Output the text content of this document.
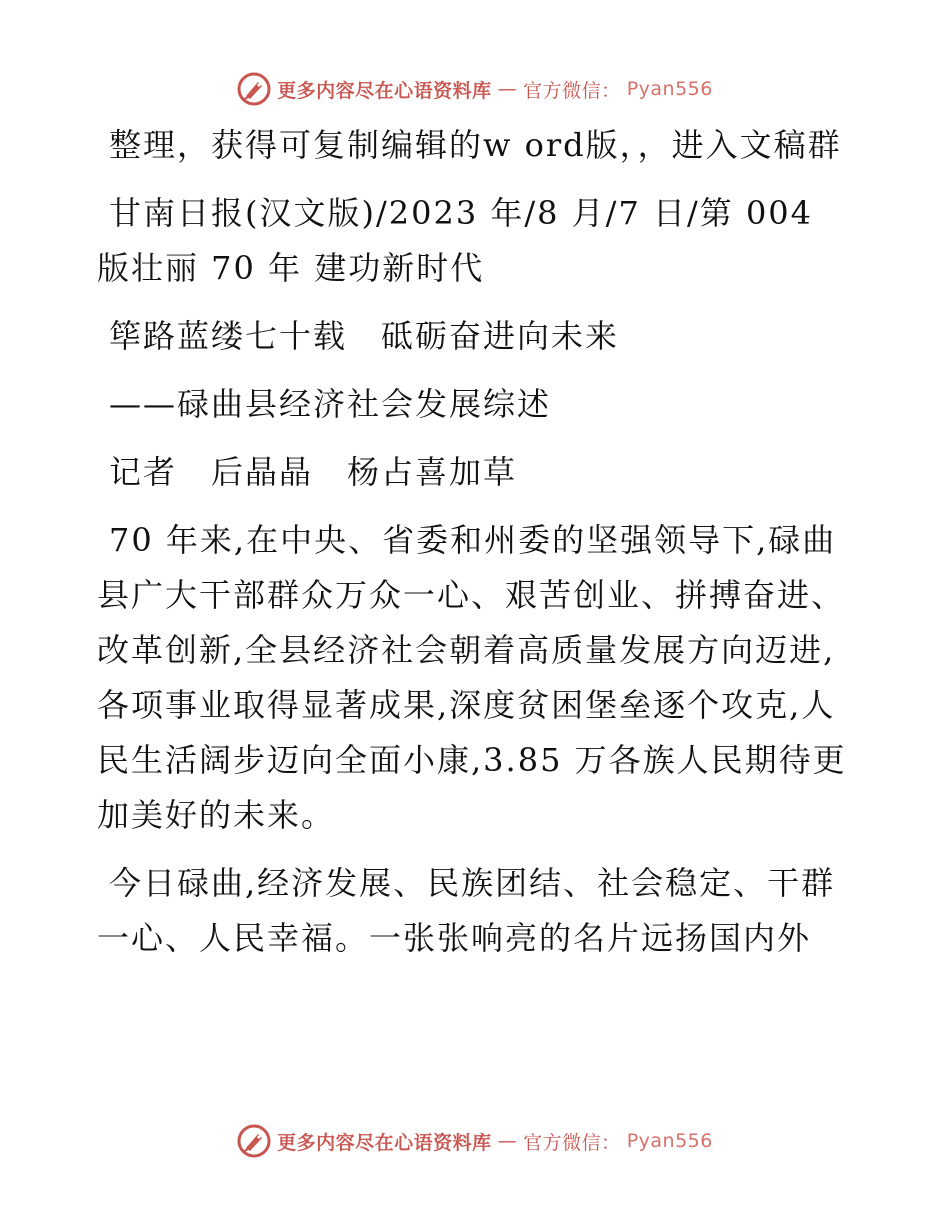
更多内容尽在心语资料库 — 官方微信： Pyan556

整理，获得可复制编辑的w ord版，，进入文稿群

甘南日报(汉文版)/2023 年/8 月/7 日/第 004 版壮丽 70 年 建功新时代

筚路蓝缕七十载　砥砺奋进向未来

——碌曲县经济社会发展综述

记者　后晶晶　杨占喜加草

70 年来,在中央、省委和州委的坚强领导下,碌曲县广大干部群众万众一心、艰苦创业、拼搏奋进、改革创新,全县经济社会朝着高质量发展方向迈进,各项事业取得显著成果,深度贫困堡垒逐个攻克,人民生活阔步迈向全面小康,3.85 万各族人民期待更加美好的未来。

今日碌曲,经济发展、民族团结、社会稳定、干群一心、人民幸福。一张张响亮的名片远扬国内外

更多内容尽在心语资料库 — 官方微信： Pyan556
